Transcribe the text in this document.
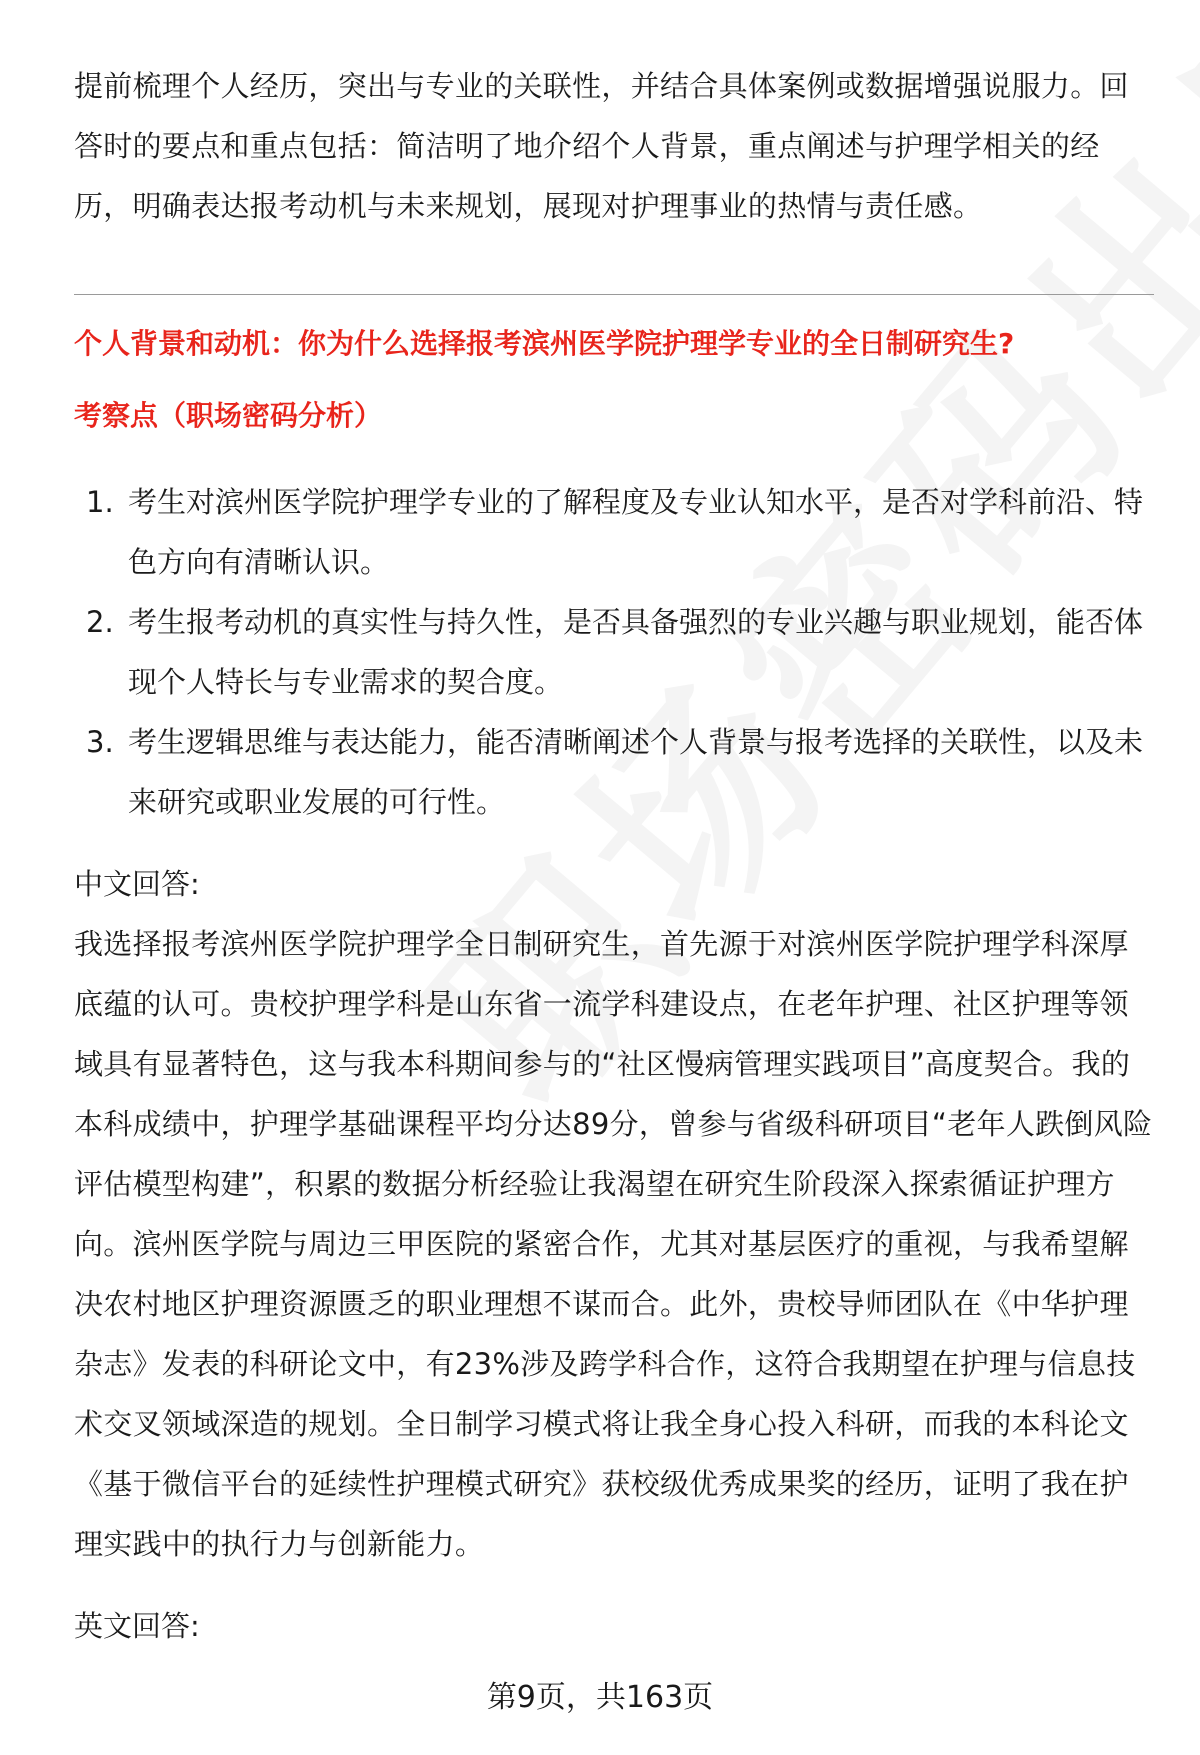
提前梳理个人经历，突出与专业的关联性，并结合具体案例或数据增强说服力。回答时的要点和重点包括：简洁明了地介绍个人背景，重点阐述与护理学相关的经历，明确表达报考动机与未来规划，展现对护理事业的热情与责任感。

个人背景和动机：你为什么选择报考滨州医学院护理学专业的全日制研究生?
考察点（职场密码分析）
1. 考生对滨州医学院护理学专业的了解程度及专业认知水平，是否对学科前沿、特色方向有清晰认识。
2. 考生报考动机的真实性与持久性，是否具备强烈的专业兴趣与职业规划，能否体现个人特长与专业需求的契合度。
3. 考生逻辑思维与表达能力，能否清晰阐述个人背景与报考选择的关联性，以及未来研究或职业发展的可行性。

中文回答:

我选择报考滨州医学院护理学全日制研究生，首先源于对滨州医学院护理学科深厚底蕴的认可。贵校护理学科是山东省一流学科建设点，在老年护理、社区护理等领域具有显著特色，这与我本科期间参与的“社区慢病管理实践项目”高度契合。我的本科成绩中，护理学基础课程平均分达89分，曾参与省级科研项目“老年人跌倒风险评估模型构建”，积累的数据分析经验让我渴望在研究生阶段深入探索循证护理方向。滨州医学院与周边三甲医院的紧密合作，尤其对基层医疗的重视，与我希望解决农村地区护理资源匮乏的职业理想不谋而合。此外，贵校导师团队在《中华护理杂志》发表的科研论文中，有23%涉及跨学科合作，这符合我期望在护理与信息技术交叉领域深造的规划。全日制学习模式将让我全身心投入科研，而我的本科论文《基于微信平台的延续性护理模式研究》获校级优秀成果奖的经历，证明了我在护理实践中的执行力与创新能力。

英文回答:

第9页，共163页
